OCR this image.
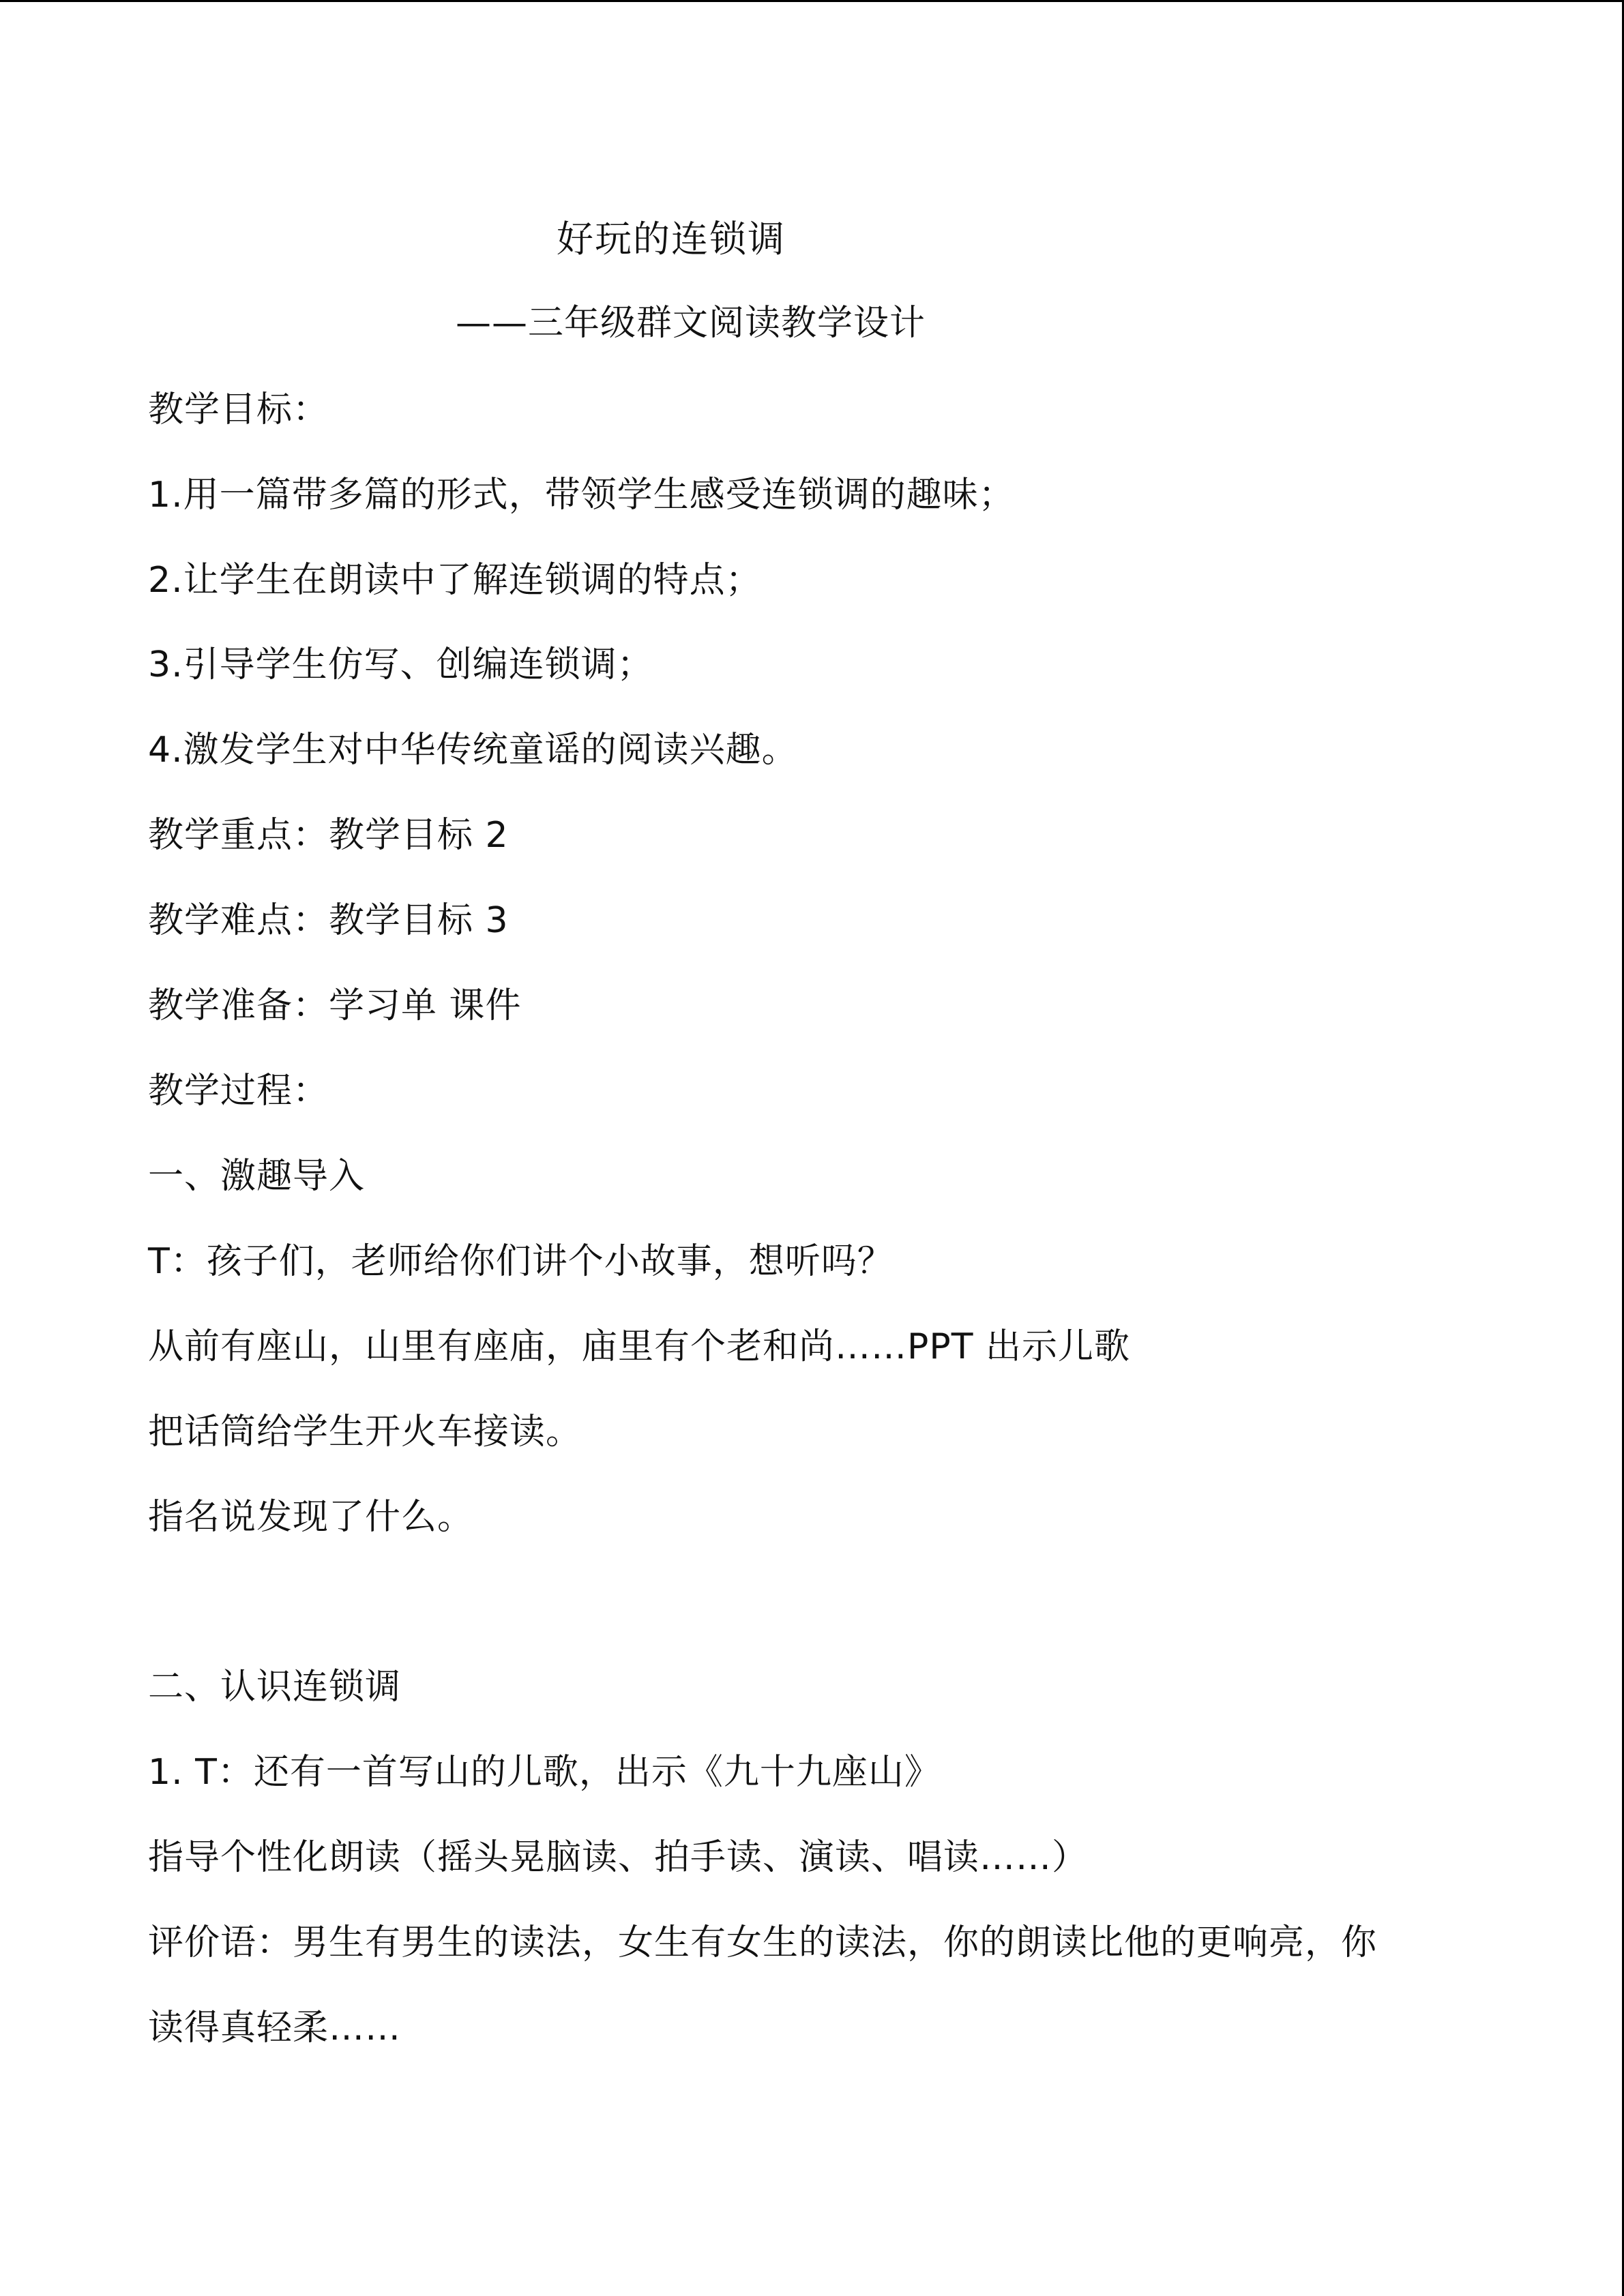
好玩的连锁调
——三年级群文阅读教学设计
教学目标：
1.用一篇带多篇的形式，带领学生感受连锁调的趣味；
2.让学生在朗读中了解连锁调的特点；
3.引导学生仿写、创编连锁调；
4.激发学生对中华传统童谣的阅读兴趣。
教学重点：教学目标 2
教学难点：教学目标 3
教学准备：学习单 课件
教学过程：
一、激趣导入
T：孩子们，老师给你们讲个小故事，想听吗？
从前有座山，山里有座庙，庙里有个老和尚……PPT 出示儿歌
把话筒给学生开火车接读。
指名说发现了什么。
二、认识连锁调
1. T：还有一首写山的儿歌，出示《九十九座山》
指导个性化朗读（摇头晃脑读、拍手读、演读、唱读……）
评价语：男生有男生的读法，女生有女生的读法，你的朗读比他的更响亮，你
读得真轻柔……
